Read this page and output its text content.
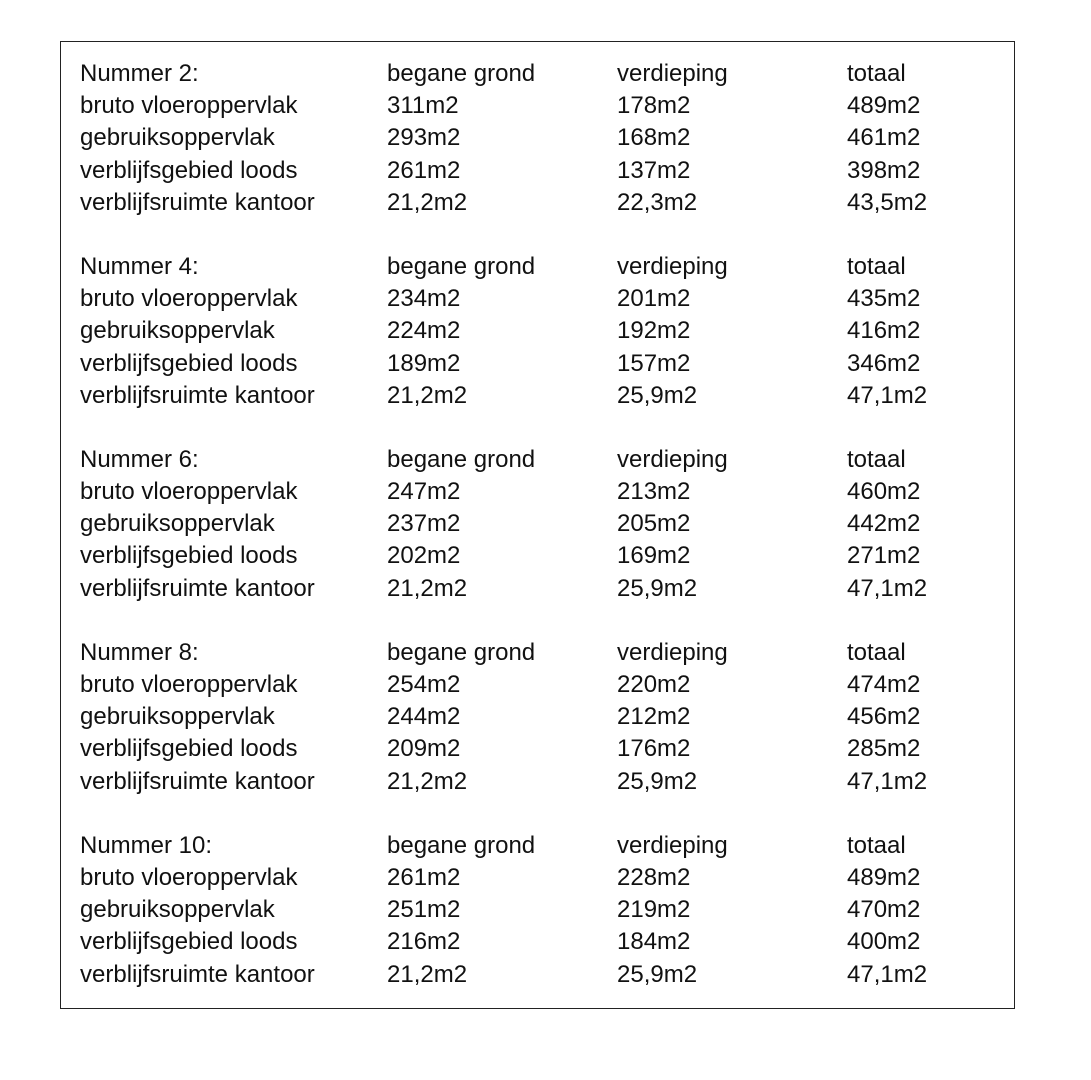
Nummer 2:	begane grond	verdieping	totaal
bruto vloeroppervlak	311m2	178m2	489m2
gebruiksoppervlak	293m2	168m2	461m2
verblijfsgebied loods	261m2	137m2	398m2
verblijfsruimte kantoor	21,2m2	22,3m2	43,5m2
Nummer 4:	begane grond	verdieping	totaal
bruto vloeroppervlak	234m2	201m2	435m2
gebruiksoppervlak	224m2	192m2	416m2
verblijfsgebied loods	189m2	157m2	346m2
verblijfsruimte kantoor	21,2m2	25,9m2	47,1m2
Nummer 6:	begane grond	verdieping	totaal
bruto vloeroppervlak	247m2	213m2	460m2
gebruiksoppervlak	237m2	205m2	442m2
verblijfsgebied loods	202m2	169m2	271m2
verblijfsruimte kantoor	21,2m2	25,9m2	47,1m2
Nummer 8:	begane grond	verdieping	totaal
bruto vloeroppervlak	254m2	220m2	474m2
gebruiksoppervlak	244m2	212m2	456m2
verblijfsgebied loods	209m2	176m2	285m2
verblijfsruimte kantoor	21,2m2	25,9m2	47,1m2
Nummer 10:	begane grond	verdieping	totaal
bruto vloeroppervlak	261m2	228m2	489m2
gebruiksoppervlak	251m2	219m2	470m2
verblijfsgebied loods	216m2	184m2	400m2
verblijfsruimte kantoor	21,2m2	25,9m2	47,1m2
